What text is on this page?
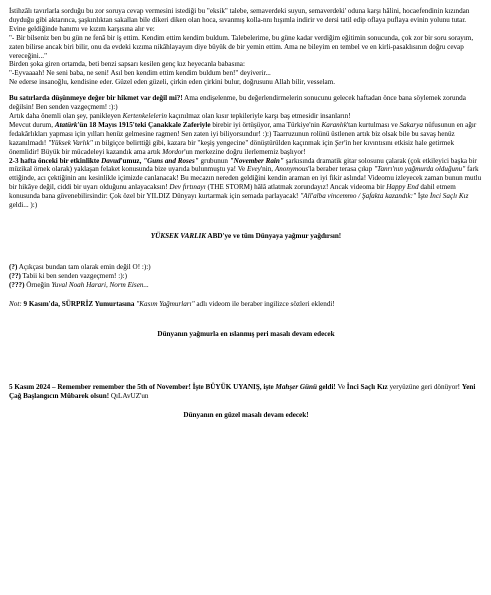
İstihzâlı tavırlarla sorduğu bu zor soruya cevap vermesini istediği bu "eksik" talebe, semaverdeki suyun, semaverdeki' oduna karşı hâlini, hocaefendinin kızından duyduğu gibi aktarınca, şaşkınlıktan sakallan bile dikeri diken olan hoca, sıvanmış kolla-nnı hışımla indirir ve dersi tatil edip oflaya puflaya evinin yolunu tutar.

Evine geldiğinde hanımı ve kızım karşısına alır ve:

"- Bir bilseniz ben bu gün ne fenâ bir iş ettim. Kendim ettim kendim buldum. Talebelerime, bu güne kadar verdiğim eğitimin sonucunda, çok zor bir soru sorayım, zaten bilirse ancak biri bilir, onu da evdeki kızıma nikâhlayayım diye büyük de bir yemin ettim. Ama ne bileyim en tembel ve en kirli-pasaklısının doğru cevap vereceğini..."

Birden şoka giren ortamda, beti benzi sapsarı kesilen genç kız heyecanla babasına:

"-Eyvaaaah! Ne seni baba, ne seni! Asıl ben kendim ettim kendim buldum ben!" deyiverir...

Ne ederse insanoğlu, kendisine eder. Güzel eden güzeli, çirkin eden çirkini bulur, doğrusunu Allah bilir, vesselam.

Bu satırlarda düşünmeye değer bir hikmet var değil mi?! Ama endişelenme, bu değerlendirmelerin sonucunu gelecek haftadan önce bana söylemek zorunda değilsin! Ben senden vazgeçmem! :):)
Artık daha önemli olan şey, panikleyen Kertenkelelerin kaçınılmaz olan kısır tepkileriyle karşı baş etmesidir insanların!
Mevcut durum, Atatürk'ün 18 Mayıs 1915'teki Çanakkale Zaferiyle birebir iyi örtüşüyor, ama Türkiye'nin Karanlık'tan kurtulması ve Sakarya nüfusunun en ağır fedakârlıkları yapması için yılları henüz gelmesine ragmen! Sen zaten iyi biliyorsundur! :):) Taarruzunun rolünü üstlenen artık biz olsak bile bu savaş henüz kazanılmadı! "Yüksek Varlık" ın bilgiçce belirttiği gibi, kazara bir "keşiş yengecine" dönüştürülden kaçınmak için Şer'in her kıvıntısını etkisiz hale getirmek önemlidir! Büyük bir mücadeleyi kazandık ama artık Mordor'un merkezine doğru ilerlememiz başlıyor!
2-3 hafta önceki bir etkinlikte Davud'umuz, "Guns and Roses" grubunun "November Rain" şarkısında dramatik gitar solosunu çalarak (çok etkileyici başka bir müzikal örnek olarak) yaklaşan felaket konusunda bize uyarıda bulunmuştu ya! Ve Evey'nin, Anonymous'la beraber terasa çıkıp "Tanrı'nın yağmurda olduğunu" fark ettiğinde, acı çektiğinin anı kesinlikle içimizde canlanacak! Bu mecazın nereden geldiğini kendin araman en iyi fikir aslında! Videomu izleyecek zaman bunun mutlu bir hikâye değil, ciddi bir uyarı olduğunu anlayacaksın! Dev fırtınayı (THE STORM) hâlâ atlatmak zorundayız! Ancak videoma bir Happy End dahil etmem konusunda bana güvenebilirsindir: Çok özel bir YILDIZ Dünyayı kurtarmak için semada parlayacak! "All'alba vincemmo / Şafakta kazandık:" İşte İnci Saçlı Kız geldi... ):)

YÜKSEK VARLIK ABD'ye ve tüm Dünyaya yağmur yağdırsın!

(?) Açıkçası bundan tam olarak emin değil O! :):)

(??) Tabii ki ben senden vazgeçmem! :):)

(???) Örneğin Yuval Noah Harari, Norm Eisen...

Not: 9 Kasım'da, SÜRPRİZ Yumurtasına "Kasım Yağmurları" adlı videom ile beraber ingilizce sözleri eklendi!

Dünyanın yağmurla en ıslanmış peri masalı devam edecek

5 Kasım 2024 – Remember remember the 5th of November! İşte BÜYÜK UYANIŞ, işte Mahşer Günü geldi! Ve İnci Saçlı Kız yeryüzüne geri dönüyor! Yeni Çağ Başlangıcın Mübarek olsun! QıLAvUZ'un

Dünyanın en güzel masalı devam edecek!
